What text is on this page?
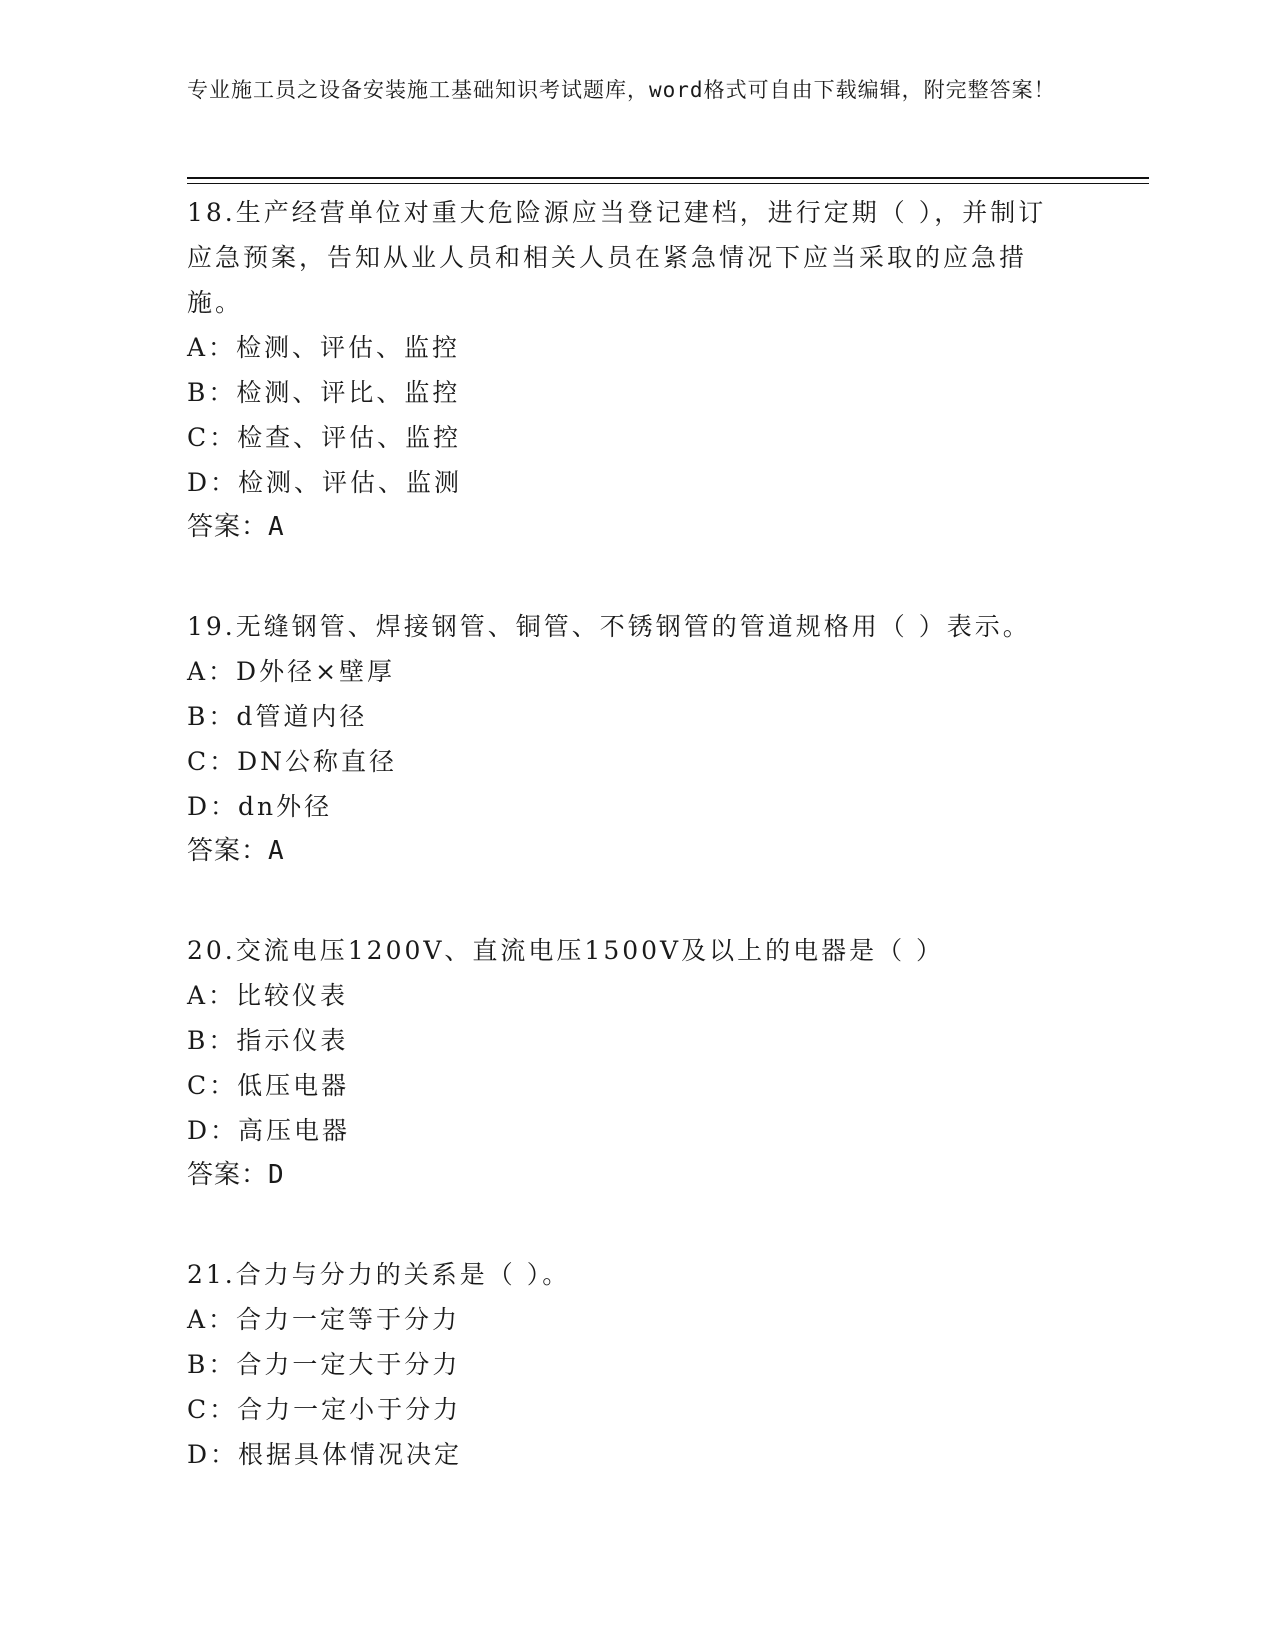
专业施工员之设备安装施工基础知识考试题库，word格式可自由下载编辑，附完整答案！

18.生产经营单位对重大危险源应当登记建档，进行定期（ ），并制订应急预案，告知从业人员和相关人员在紧急情况下应当采取的应急措施。

A：检测、评估、监控

B：检测、评比、监控

C：检查、评估、监控

D：检测、评估、监测

答案：A

19.无缝钢管、焊接钢管、铜管、不锈钢管的管道规格用（ ）表示。

A：D外径×壁厚

B：d管道内径

C：DN公称直径

D：dn外径

答案：A

20.交流电压1200V、直流电压1500V及以上的电器是（ ）

A：比较仪表

B：指示仪表

C：低压电器

D：高压电器

答案：D

21.合力与分力的关系是（ ）。

A：合力一定等于分力

B：合力一定大于分力

C：合力一定小于分力

D：根据具体情况决定
